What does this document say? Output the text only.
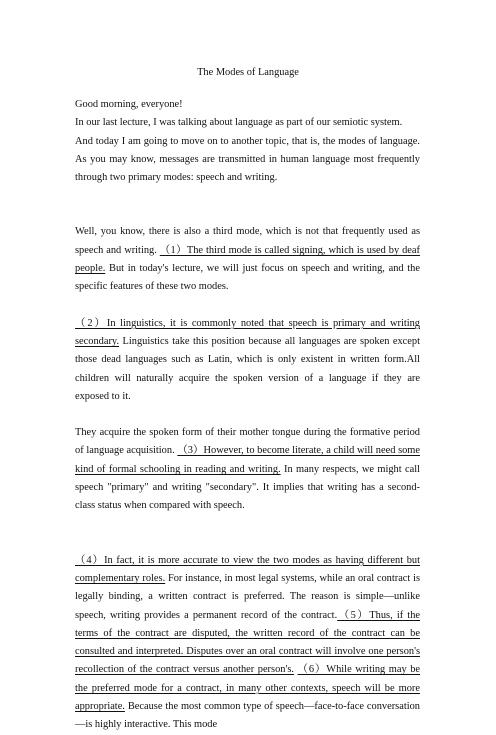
The Modes of Language

Good morning, everyone!

In our last lecture, I was talking about language as part of our semiotic system.

And today I am going to move on to another topic, that is, the modes of language. As you may know, messages are transmitted in human language most frequently through two primary modes: speech and writing.

Well, you know, there is also a third mode, which is not that frequently used as speech and writing. （1）The third mode is called signing, which is used by deaf people. But in today's lecture, we will just focus on speech and writing, and the specific features of these two modes.

（2）In linguistics, it is commonly noted that speech is primary and writing secondary. Linguistics take this position because all languages are spoken except those dead languages such as Latin, which is only existent in written form.All children will naturally acquire the spoken version of a language if they are exposed to it.

They acquire the spoken form of their mother tongue during the formative period of language acquisition. （3）However, to become literate, a child will need some kind of formal schooling in reading and writing. In many respects, we might call speech "primary" and writing "secondary". It implies that writing has a second-class status when compared with speech.

（4）In fact, it is more accurate to view the two modes as having different but complementary roles. For instance, in most legal systems, while an oral contract is legally binding, a written contract is preferred. The reason is simple—unlike speech, writing provides a permanent record of the contract.（5）Thus, if the terms of the contract are disputed, the written record of the contract can be consulted and interpreted. Disputes over an oral contract will involve one person's recollection of the contract versus another person's. （6）While writing may be the preferred mode for a contract, in many other contexts, speech will be more appropriate. Because the most common type of speech—face-to-face conversation—is highly interactive. This mode
